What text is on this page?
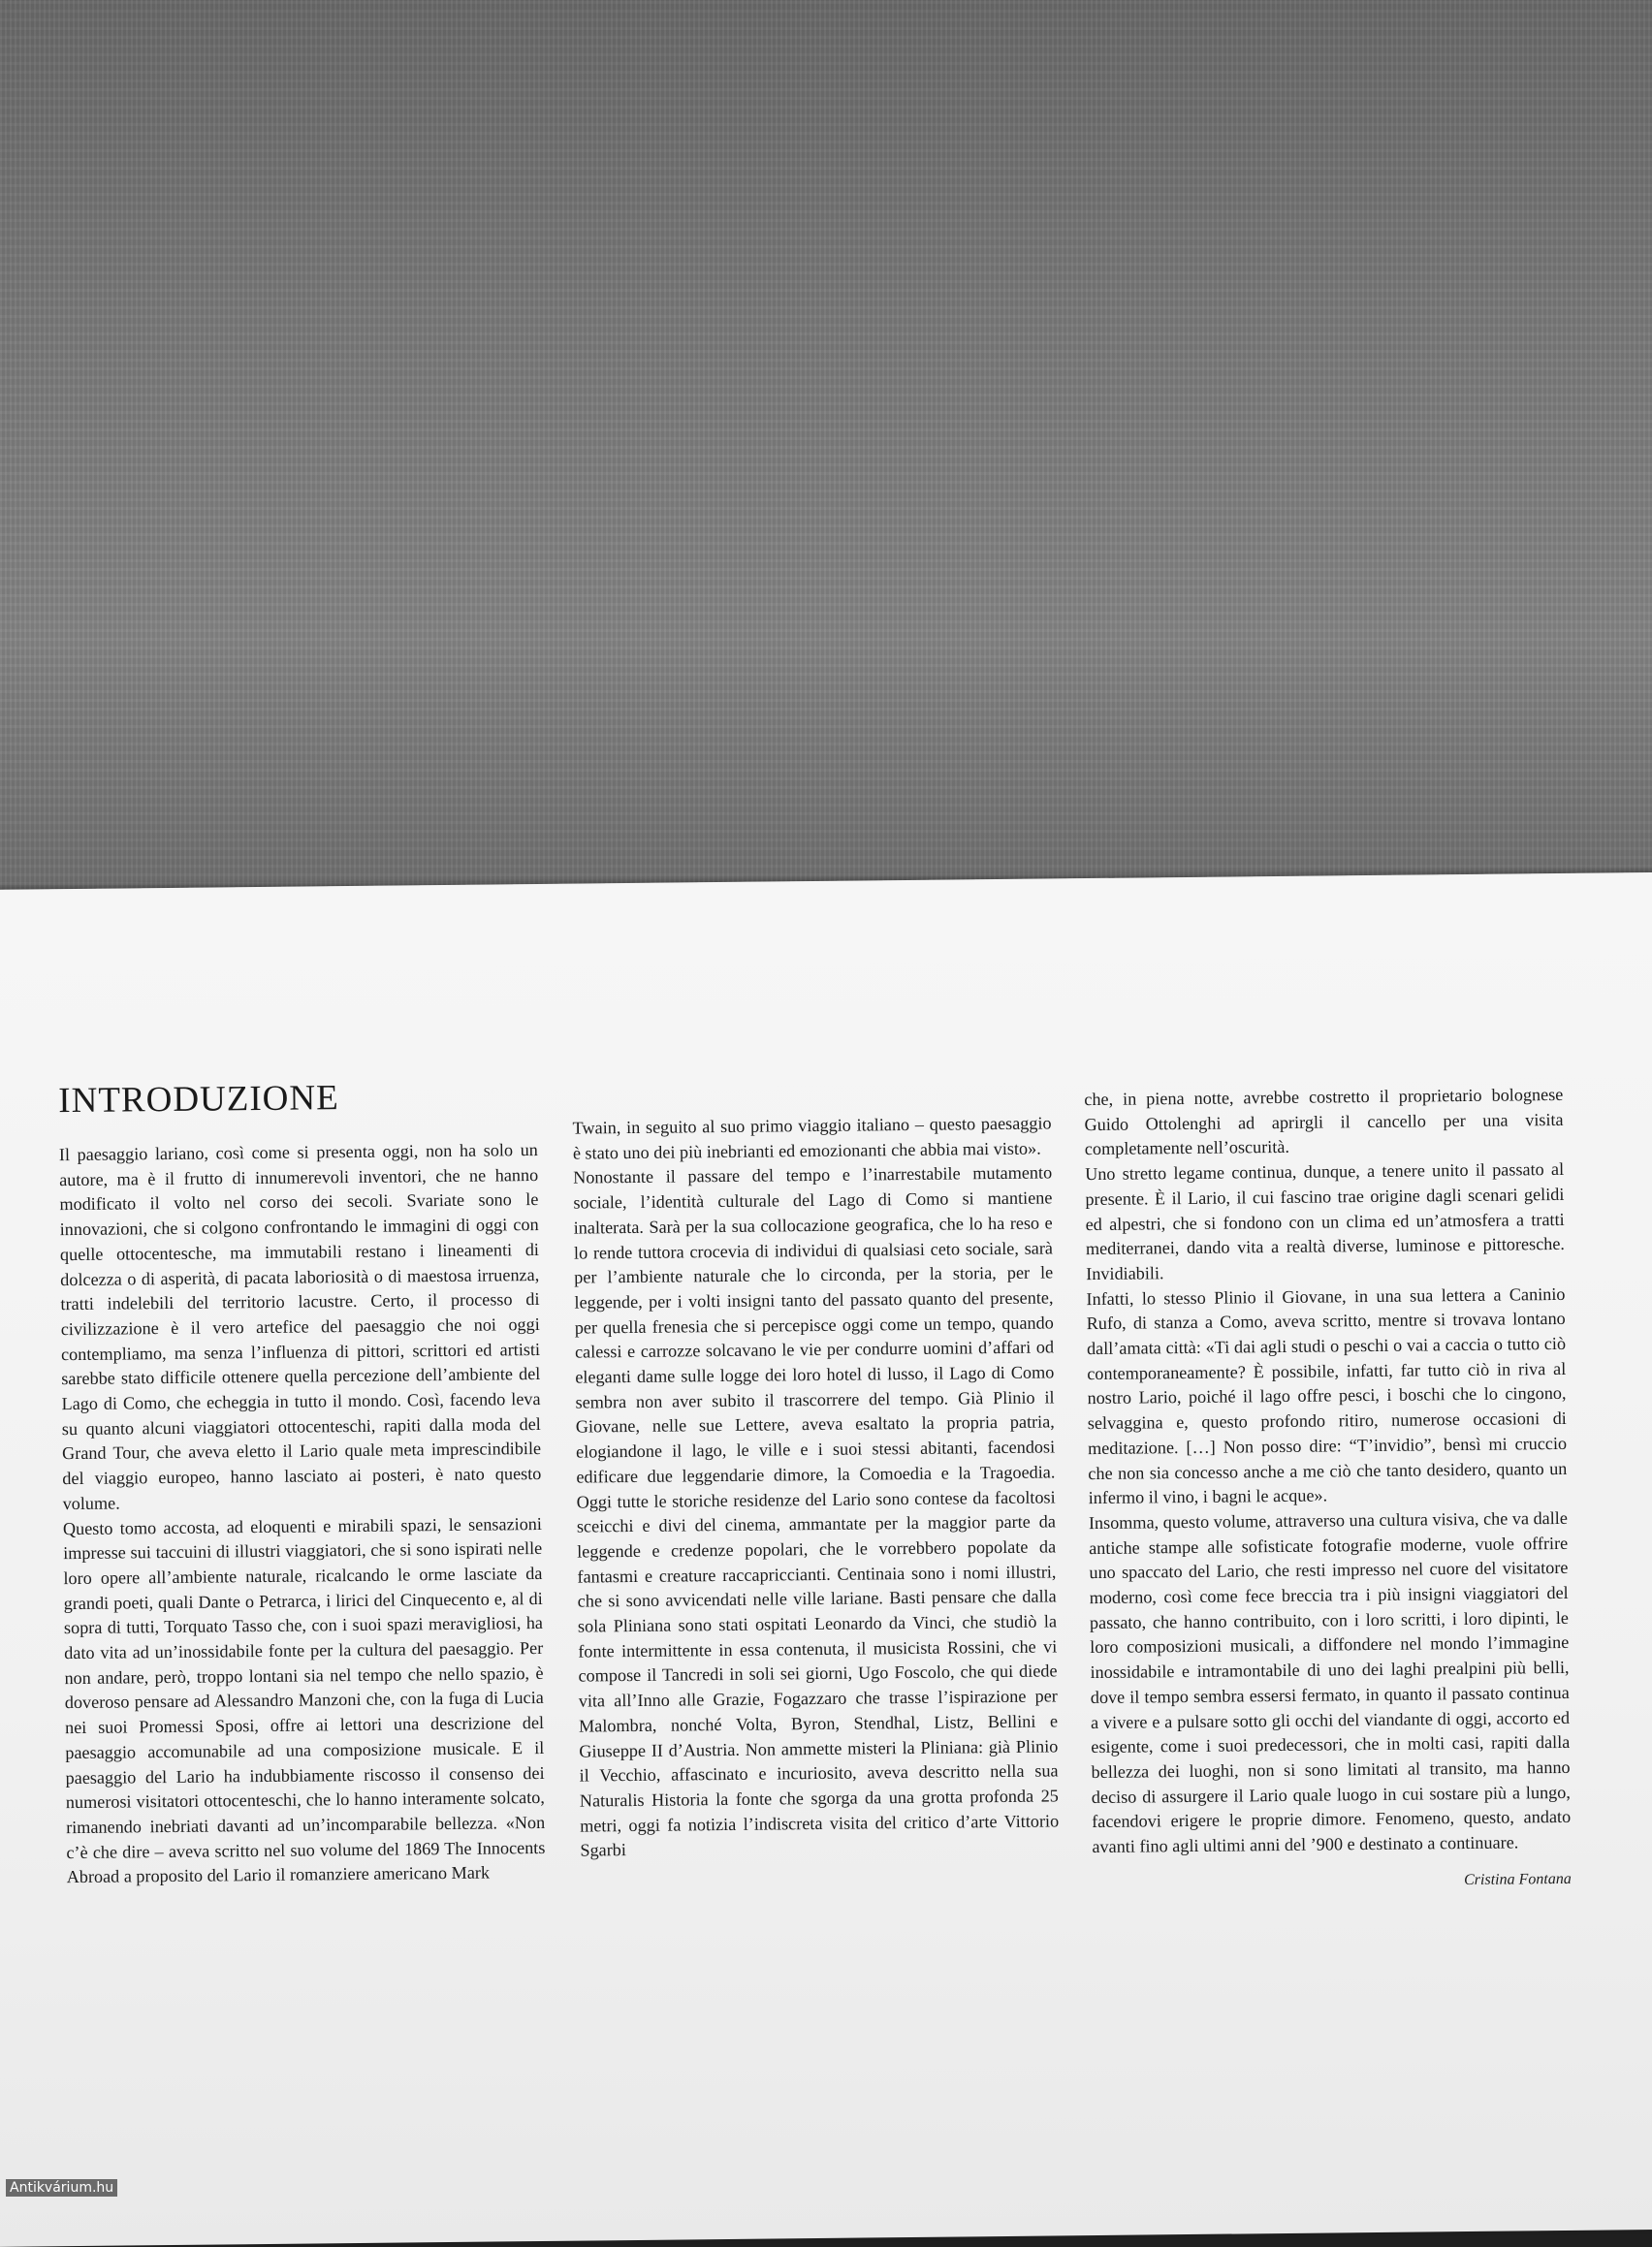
INTRODUZIONE

Il paesaggio lariano, così come si presenta oggi, non ha solo un autore, ma è il frutto di innumerevoli inventori, che ne hanno modificato il volto nel corso dei secoli. Svariate sono le innovazioni, che si colgono confrontando le immagini di oggi con quelle ottocentesche, ma immutabili restano i lineamenti di dolcezza o di asperità, di pacata laboriosità o di maestosa irruenza, tratti indelebili del territorio lacustre. Certo, il processo di civilizzazione è il vero artefice del paesaggio che noi oggi contempliamo, ma senza l’influenza di pittori, scrittori ed artisti sarebbe stato difficile ottenere quella percezione dell’ambiente del Lago di Como, che echeggia in tutto il mondo. Così, facendo leva su quanto alcuni viaggiatori ottocenteschi, rapiti dalla moda del Grand Tour, che aveva eletto il Lario quale meta imprescindibile del viaggio europeo, hanno lasciato ai posteri, è nato questo volume.

Questo tomo accosta, ad eloquenti e mirabili spazi, le sensazioni impresse sui taccuini di illustri viaggiatori, che si sono ispirati nelle loro opere all’ambiente naturale, ricalcando le orme lasciate da grandi poeti, quali Dante o Petrarca, i lirici del Cinquecento e, al di sopra di tutti, Torquato Tasso che, con i suoi spazi meravigliosi, ha dato vita ad un’inossidabile fonte per la cultura del paesaggio. Per non andare, però, troppo lontani sia nel tempo che nello spazio, è doveroso pensare ad Alessandro Manzoni che, con la fuga di Lucia nei suoi Promessi Sposi, offre ai lettori una descrizione del paesaggio accomunabile ad una composizione musicale. E il paesaggio del Lario ha indubbiamente riscosso il consenso dei numerosi visitatori ottocenteschi, che lo hanno interamente solcato, rimanendo inebriati davanti ad un’incomparabile bellezza. «Non c’è che dire – aveva scritto nel suo volume del 1869 The Innocents Abroad a proposito del Lario il romanziere americano Mark

Twain, in seguito al suo primo viaggio italiano – questo paesaggio è stato uno dei più inebrianti ed emozionanti che abbia mai visto».

Nonostante il passare del tempo e l’inarrestabile mutamento sociale, l’identità culturale del Lago di Como si mantiene inalterata. Sarà per la sua collocazione geografica, che lo ha reso e lo rende tuttora crocevia di individui di qualsiasi ceto sociale, sarà per l’ambiente naturale che lo circonda, per la storia, per le leggende, per i volti insigni tanto del passato quanto del presente, per quella frenesia che si percepisce oggi come un tempo, quando calessi e carrozze solcavano le vie per condurre uomini d’affari od eleganti dame sulle logge dei loro hotel di lusso, il Lago di Como sembra non aver subito il trascorrere del tempo. Già Plinio il Giovane, nelle sue Lettere, aveva esaltato la propria patria, elogiandone il lago, le ville e i suoi stessi abitanti, facendosi edificare due leggendarie dimore, la Comoedia e la Tragoedia. Oggi tutte le storiche residenze del Lario sono contese da facoltosi sceicchi e divi del cinema, ammantate per la maggior parte da leggende e credenze popolari, che le vorrebbero popolate da fantasmi e creature raccapriccianti. Centinaia sono i nomi illustri, che si sono avvicendati nelle ville lariane. Basti pensare che dalla sola Pliniana sono stati ospitati Leonardo da Vinci, che studiò la fonte intermittente in essa contenuta, il musicista Rossini, che vi compose il Tancredi in soli sei giorni, Ugo Foscolo, che qui diede vita all’Inno alle Grazie, Fogazzaro che trasse l’ispirazione per Malombra, nonché Volta, Byron, Stendhal, Listz, Bellini e Giuseppe II d’Austria. Non ammette misteri la Pliniana: già Plinio il Vecchio, affascinato e incuriosito, aveva descritto nella sua Naturalis Historia la fonte che sgorga da una grotta profonda 25 metri, oggi fa notizia l’indiscreta visita del critico d’arte Vittorio Sgarbi

che, in piena notte, avrebbe costretto il proprietario bolognese Guido Ottolenghi ad aprirgli il cancello per una visita completamente nell’oscurità.

Uno stretto legame continua, dunque, a tenere unito il passato al presente. È il Lario, il cui fascino trae origine dagli scenari gelidi ed alpestri, che si fondono con un clima ed un’atmosfera a tratti mediterranei, dando vita a realtà diverse, luminose e pittoresche. Invidiabili.

Infatti, lo stesso Plinio il Giovane, in una sua lettera a Caninio Rufo, di stanza a Como, aveva scritto, mentre si trovava lontano dall’amata città: «Ti dai agli studi o peschi o vai a caccia o tutto ciò contemporaneamente? È possibile, infatti, far tutto ciò in riva al nostro Lario, poiché il lago offre pesci, i boschi che lo cingono, selvaggina e, questo profondo ritiro, numerose occasioni di meditazione. […] Non posso dire: “T’invidio”, bensì mi cruccio che non sia concesso anche a me ciò che tanto desidero, quanto un infermo il vino, i bagni le acque».

Insomma, questo volume, attraverso una cultura visiva, che va dalle antiche stampe alle sofisticate fotografie moderne, vuole offrire uno spaccato del Lario, che resti impresso nel cuore del visitatore moderno, così come fece breccia tra i più insigni viaggiatori del passato, che hanno contribuito, con i loro scritti, i loro dipinti, le loro composizioni musicali, a diffondere nel mondo l’immagine inossidabile e intramontabile di uno dei laghi prealpini più belli, dove il tempo sembra essersi fermato, in quanto il passato continua a vivere e a pulsare sotto gli occhi del viandante di oggi, accorto ed esigente, come i suoi predecessori, che in molti casi, rapiti dalla bellezza dei luoghi, non si sono limitati al transito, ma hanno deciso di assurgere il Lario quale luogo in cui sostare più a lungo, facendovi erigere le proprie dimore. Fenomeno, questo, andato avanti fino agli ultimi anni del ’900 e destinato a continuare.

Cristina Fontana
Antikvárium.hu
